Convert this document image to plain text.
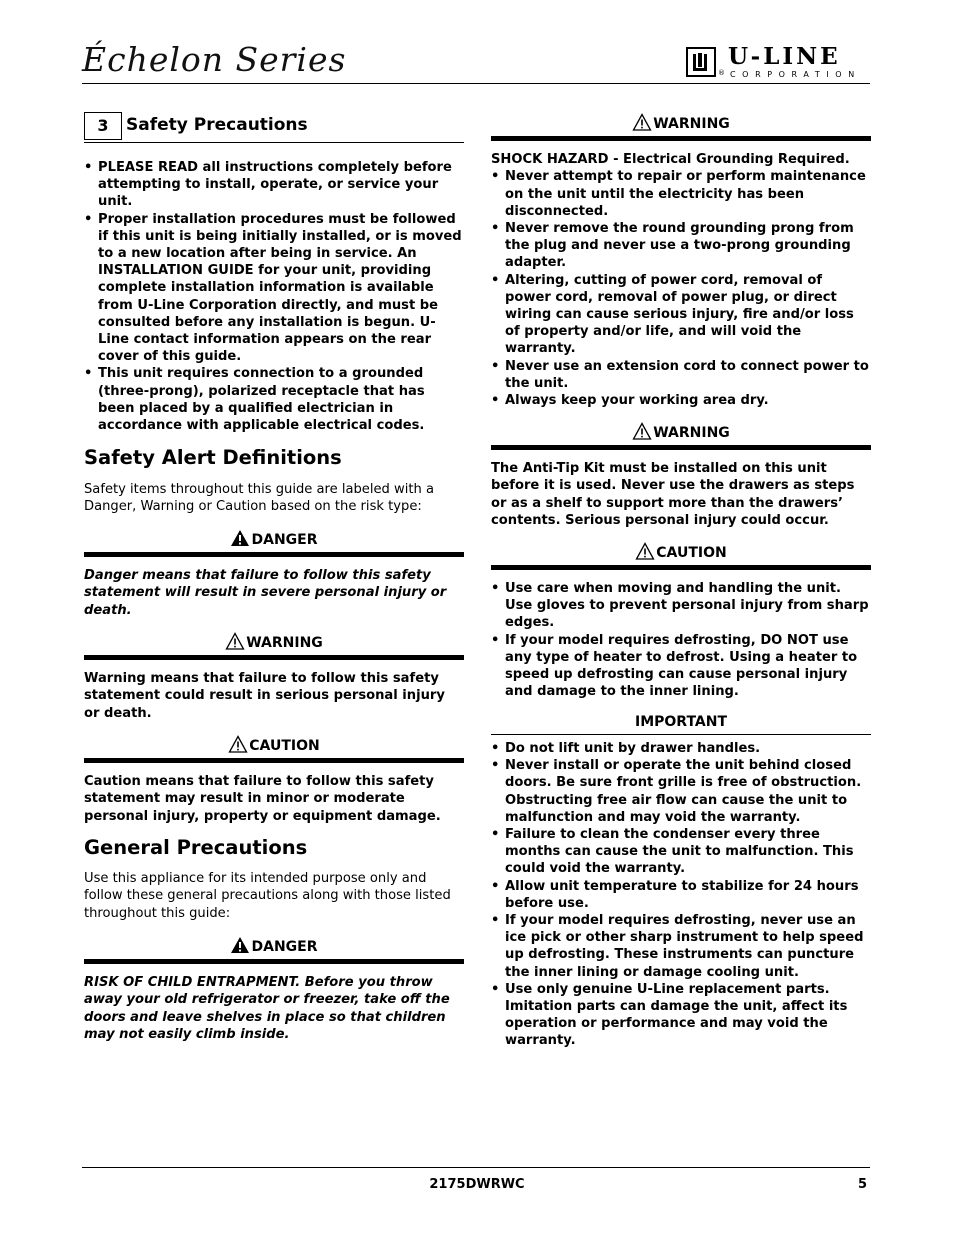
Échelon Series	®
U-LINE
CORPORATION
3	Safety Precautions
• PLEASE READ all instructions completely before attempting to install, operate, or service your unit.
• Proper installation procedures must be followed if this unit is being initially installed, or is moved to a new location after being in service. An INSTALLATION GUIDE for your unit, providing complete installation information is available from U-Line Corporation directly, and must be consulted before any installation is begun. U-Line contact information appears on the rear cover of this guide.
• This unit requires connection to a grounded (three-prong), polarized receptacle that has been placed by a qualified electrician in accordance with applicable electrical codes.
Safety Alert Definitions
Safety items throughout this guide are labeled with a Danger, Warning or Caution based on the risk type:
DANGER
Danger means that failure to follow this safety statement will result in severe personal injury or death.
WARNING
Warning means that failure to follow this safety statement could result in serious personal injury or death.
CAUTION
Caution means that failure to follow this safety statement may result in minor or moderate personal injury, property or equipment damage.
General Precautions
Use this appliance for its intended purpose only and follow these general precautions along with those listed throughout this guide:
DANGER
RISK OF CHILD ENTRAPMENT. Before you throw away your old refrigerator or freezer, take off the doors and leave shelves in place so that children may not easily climb inside.
WARNING
SHOCK HAZARD - Electrical Grounding Required.
• Never attempt to repair or perform maintenance on the unit until the electricity has been disconnected.
• Never remove the round grounding prong from the plug and never use a two-prong grounding adapter.
• Altering, cutting of power cord, removal of power cord, removal of power plug, or direct wiring can cause serious injury, fire and/or loss of property and/or life, and will void the warranty.
• Never use an extension cord to connect power to the unit.
• Always keep your working area dry.
WARNING
The Anti-Tip Kit must be installed on this unit before it is used. Never use the drawers as steps or as a shelf to support more than the drawers’ contents. Serious personal injury could occur.
CAUTION
• Use care when moving and handling the unit. Use gloves to prevent personal injury from sharp edges.
• If your model requires defrosting, DO NOT use any type of heater to defrost. Using a heater to speed up defrosting can cause personal injury and damage to the inner lining.
IMPORTANT
• Do not lift unit by drawer handles.
• Never install or operate the unit behind closed doors. Be sure front grille is free of obstruction. Obstructing free air flow can cause the unit to malfunction and may void the warranty.
• Failure to clean the condenser every three months can cause the unit to malfunction. This could void the warranty.
• Allow unit temperature to stabilize for 24 hours before use.
• If your model requires defrosting, never use an ice pick or other sharp instrument to help speed up defrosting. These instruments can puncture the inner lining or damage cooling unit.
• Use only genuine U-Line replacement parts. Imitation parts can damage the unit, affect its operation or performance and may void the warranty.
2175DWRWC	5
